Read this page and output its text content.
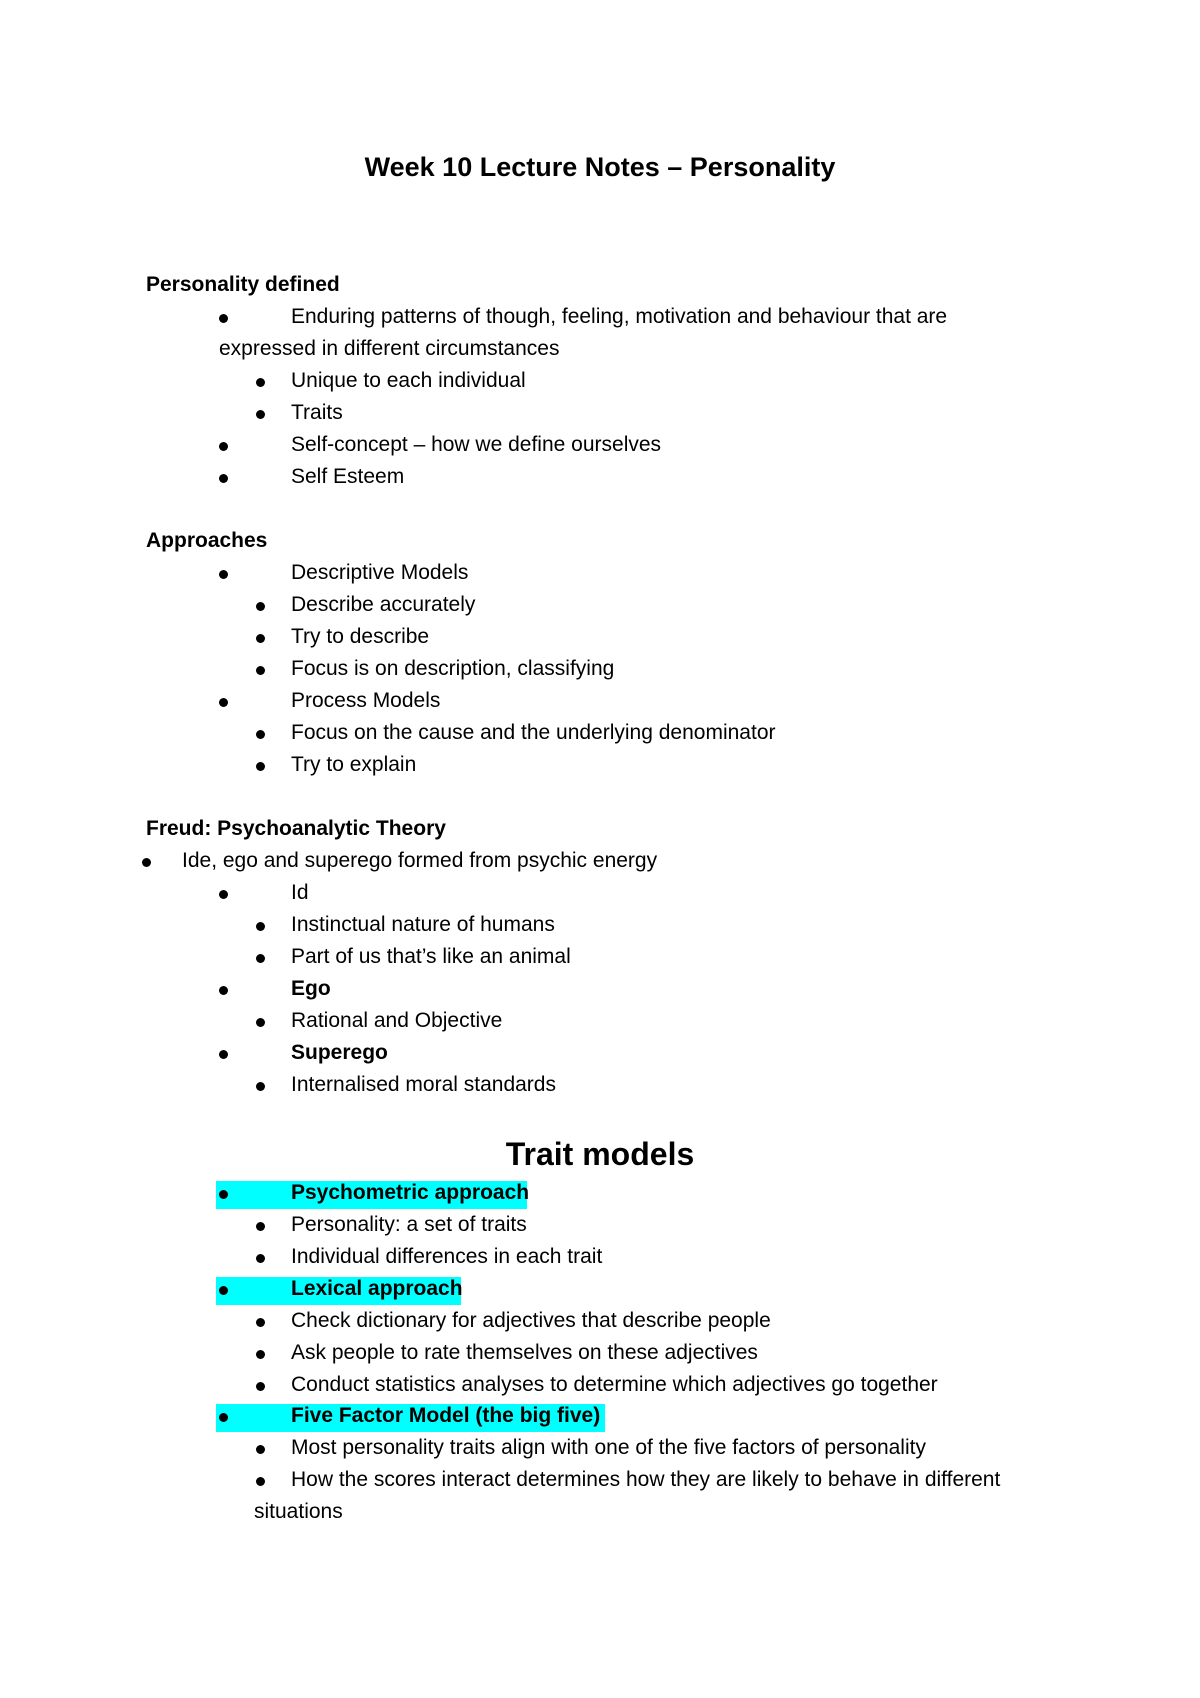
Week 10 Lecture Notes – Personality
Personality defined
Enduring patterns of though, feeling, motivation and behaviour that are
expressed in different circumstances
Unique to each individual
Traits
Self-concept – how we define ourselves
Self Esteem
Approaches
Descriptive Models
Describe accurately
Try to describe
Focus is on description, classifying
Process Models
Focus on the cause and the underlying denominator
Try to explain
Freud: Psychoanalytic Theory
Ide, ego and superego formed from psychic energy
Id
Instinctual nature of humans
Part of us that’s like an animal
Ego
Rational and Objective
Superego
Internalised moral standards
Trait models
Psychometric approach
Personality: a set of traits
Individual differences in each trait
Lexical approach
Check dictionary for adjectives that describe people
Ask people to rate themselves on these adjectives
Conduct statistics analyses to determine which adjectives go together
Five Factor Model (the big five)
Most personality traits align with one of the five factors of personality
How the scores interact determines how they are likely to behave in different
situations
